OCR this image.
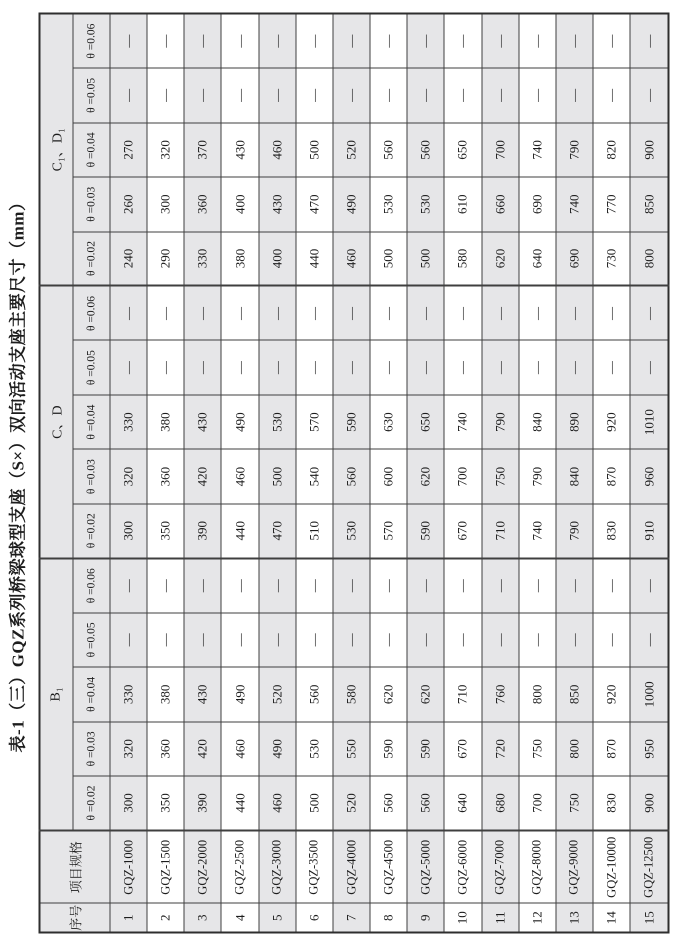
表-1（三）GQZ系列桥梁球型支座（S×）双向活动支座主要尺寸（mm）
序号	项目规格	B₁					C、D					C₁、D₁				
		θ =0.02	θ =0.03	θ =0.04	θ =0.05	θ =0.06	θ =0.02	θ =0.03	θ =0.04	θ =0.05	θ =0.06	θ =0.02	θ =0.03	θ =0.04	θ =0.05	θ =0.06
1	GQZ-1000	300	320	330	—	—	300	320	330	—	—	240	260	270	—	—
2	GQZ-1500	350	360	380	—	—	350	360	380	—	—	290	300	320	—	—
3	GQZ-2000	390	420	430	—	—	390	420	430	—	—	330	360	370	—	—
4	GQZ-2500	440	460	490	—	—	440	460	490	—	—	380	400	430	—	—
5	GQZ-3000	460	490	520	—	—	470	500	530	—	—	400	430	460	—	—
6	GQZ-3500	500	530	560	—	—	510	540	570	—	—	440	470	500	—	—
7	GQZ-4000	520	550	580	—	—	530	560	590	—	—	460	490	520	—	—
8	GQZ-4500	560	590	620	—	—	570	600	630	—	—	500	530	560	—	—
9	GQZ-5000	560	590	620	—	—	590	620	650	—	—	500	530	560	—	—
10	GQZ-6000	640	670	710	—	—	670	700	740	—	—	580	610	650	—	—
11	GQZ-7000	680	720	760	—	—	710	750	790	—	—	620	660	700	—	—
12	GQZ-8000	700	750	800	—	—	740	790	840	—	—	640	690	740	—	—
13	GQZ-9000	750	800	850	—	—	790	840	890	—	—	690	740	790	—	—
14	GQZ-10000	830	870	920	—	—	830	870	920	—	—	730	770	820	—	—
15	GQZ-12500	900	950	1000	—	—	910	960	1010	—	—	800	850	900	—	—
